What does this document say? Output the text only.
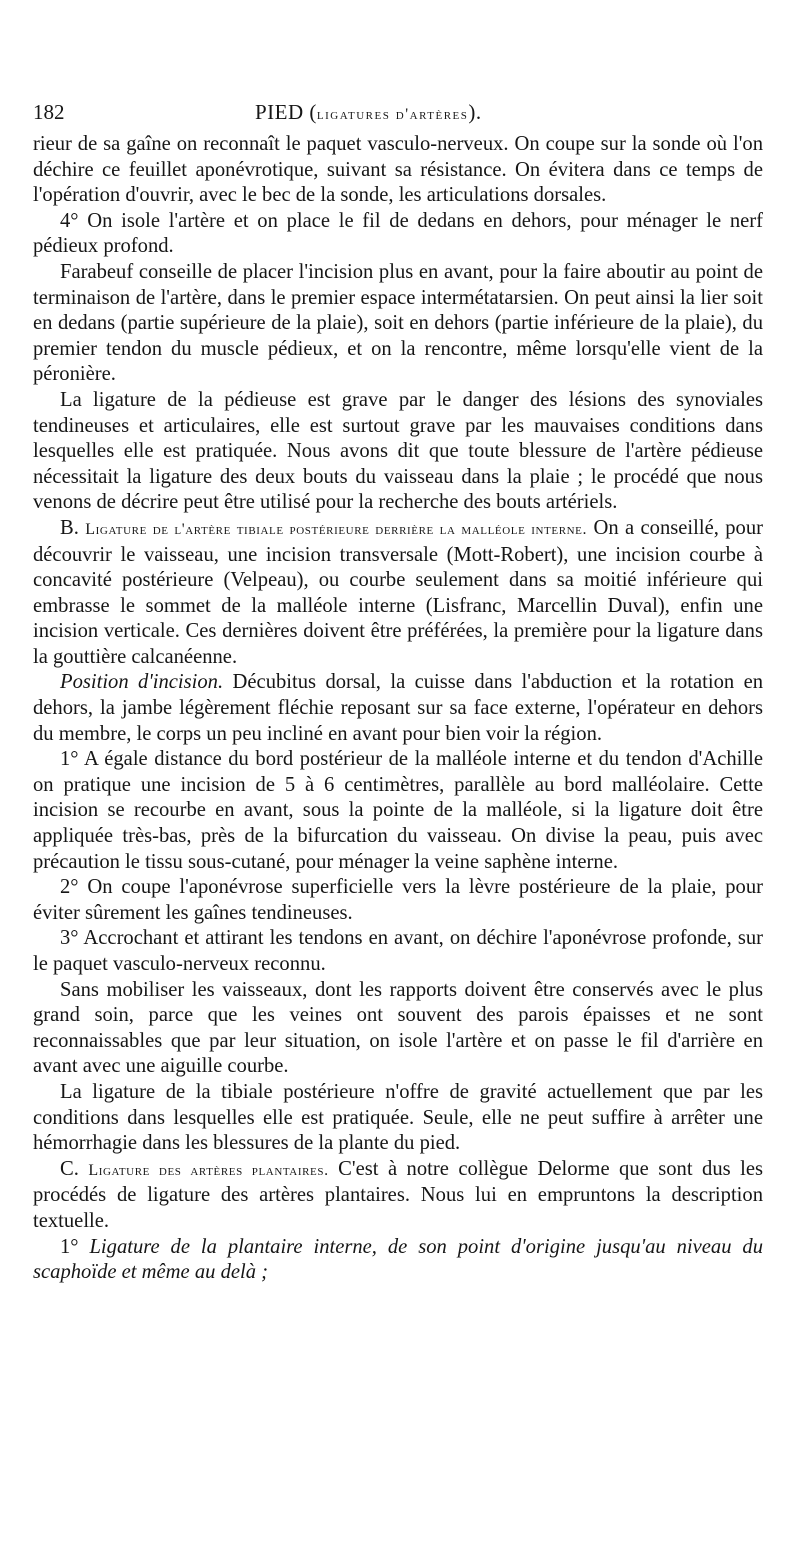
182	PIED (ligatures d'artères).

rieur de sa gaîne on reconnaît le paquet vasculo-nerveux. On coupe sur la sonde où l'on déchire ce feuillet aponévrotique, suivant sa résistance. On évitera dans ce temps de l'opération d'ouvrir, avec le bec de la sonde, les articulations dorsales.

4° On isole l'artère et on place le fil de dedans en dehors, pour ménager le nerf pédieux profond.

Farabeuf conseille de placer l'incision plus en avant, pour la faire aboutir au point de terminaison de l'artère, dans le premier espace intermétatarsien. On peut ainsi la lier soit en dedans (partie supérieure de la plaie), soit en dehors (partie inférieure de la plaie), du premier tendon du muscle pédieux, et on la rencontre, même lorsqu'elle vient de la péronière.

La ligature de la pédieuse est grave par le danger des lésions des synoviales tendineuses et articulaires, elle est surtout grave par les mauvaises conditions dans lesquelles elle est pratiquée. Nous avons dit que toute blessure de l'artère pédieuse nécessitait la ligature des deux bouts du vaisseau dans la plaie ; le procédé que nous venons de décrire peut être utilisé pour la recherche des bouts artériels.

B. Ligature de l'artère tibiale postérieure derrière la malléole interne. On a conseillé, pour découvrir le vaisseau, une incision transversale (Mott-Robert), une incision courbe à concavité postérieure (Velpeau), ou courbe seulement dans sa moitié inférieure qui embrasse le sommet de la malléole interne (Lisfranc, Marcellin Duval), enfin une incision verticale. Ces dernières doivent être préférées, la première pour la ligature dans la gouttière calcanéenne.

Position d'incision. Décubitus dorsal, la cuisse dans l'abduction et la rotation en dehors, la jambe légèrement fléchie reposant sur sa face externe, l'opérateur en dehors du membre, le corps un peu incliné en avant pour bien voir la région.

1° A égale distance du bord postérieur de la malléole interne et du tendon d'Achille on pratique une incision de 5 à 6 centimètres, parallèle au bord malléolaire. Cette incision se recourbe en avant, sous la pointe de la malléole, si la ligature doit être appliquée très-bas, près de la bifurcation du vaisseau. On divise la peau, puis avec précaution le tissu sous-cutané, pour ménager la veine saphène interne.

2° On coupe l'aponévrose superficielle vers la lèvre postérieure de la plaie, pour éviter sûrement les gaînes tendineuses.

3° Accrochant et attirant les tendons en avant, on déchire l'aponévrose profonde, sur le paquet vasculo-nerveux reconnu.

Sans mobiliser les vaisseaux, dont les rapports doivent être conservés avec le plus grand soin, parce que les veines ont souvent des parois épaisses et ne sont reconnaissables que par leur situation, on isole l'artère et on passe le fil d'arrière en avant avec une aiguille courbe.

La ligature de la tibiale postérieure n'offre de gravité actuellement que par les conditions dans lesquelles elle est pratiquée. Seule, elle ne peut suffire à arrêter une hémorrhagie dans les blessures de la plante du pied.

C. Ligature des artères plantaires. C'est à notre collègue Delorme que sont dus les procédés de ligature des artères plantaires. Nous lui en empruntons la description textuelle.

1° Ligature de la plantaire interne, de son point d'origine jusqu'au niveau du scaphoïde et même au delà ;
